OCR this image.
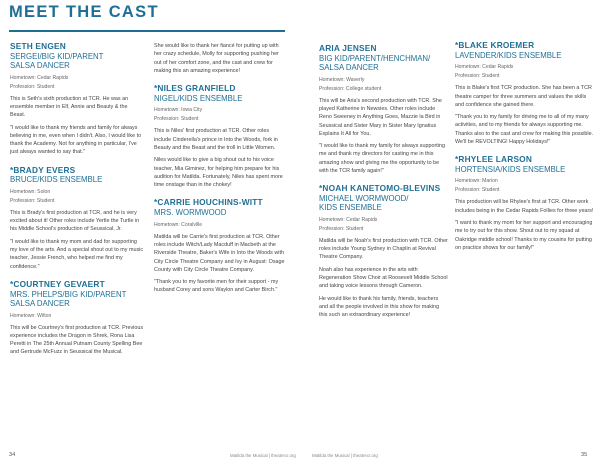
MEET THE CAST
SETH ENGEN
SERGEI/BIG KID/PARENT
SALSA DANCER
Hometown: Cedar Rapids
Profession: Student
This is Seth's sixth production at TCR. He was an ensemble member in Elf, Annie and Beauty & the Beast.
"I would like to thank my friends and family for always believing in me, even when I didn't. Also, I would like to thank the Academy. Not for anything in particular, I've just always wanted to say that."
*BRADY EVERS
BRUCE/KIDS ENSEMBLE
Hometown: Solon
Profession: Student
This is Brady's first production at TCR, and he is very excited about it! Other roles include Yertle the Turtle in his Middle School's production of Seussical, Jr.
"I would like to thank my mom and dad for supporting my love of the arts. And a special shout out to my music teacher, Jessie French, who helped me find my confidence."
*COURTNEY GEVAERT
MRS. PHELPS/BIG KID/PARENT
SALSA DANCER
Hometown: Wilton
This will be Courtney's first production at TCR. Previous experience includes the Dragon in Shrek, Rona Lisa Peretti in The 25th Annual Putnam County Spelling Bee and Gertrude McFuzz in Seussical the Musical.
She would like to thank her fiancé for putting up with her crazy schedule, Molly for supporting pushing her out of her comfort zone, and the cast and crew for making this an amazing experience!
*NILES GRANFIELD
NIGEL/KIDS ENSEMBLE
Hometown: Iowa City
Profession: Student
This is Niles' first production at TCR. Other roles include Cinderella's prince in Into the Woods, fork in Beauty and the Beast and the troll in Little Women.
Niles would like to give a big shout out to his voice teacher, Mia Giminez, for helping him prepare for his audition for Matilda. Fortunately, Niles has spent more time onstage than in the chokey!
*CARRIE HOUCHINS-WITT
MRS. WORMWOOD
Hometown: Coralville
Matilda will be Carrie's first production at TCR. Other roles include Witch/Lady Macduff in Macbeth at the Riverside Theatre, Baker's Wife in Into the Woods with City Circle Theatre Company and Ivy in August: Osage County with City Circle Theatre Company.
"Thank you to my favorite men for their support - my husband Corey and sons Waylon and Carter Birch."
ARIA JENSEN
BIG KID/PARENT/HENCHMAN/
SALSA DANCER
Hometown: Waverly
Profession: College student
This will be Aria's second production with TCR. She played Katherine in Newsies. Other roles include Reno Sweeney in Anything Goes, Mazzie la Bird in Seussical and Sister Mary in Sister Mary Ignatius Explains It All for You.
"I would like to thank my family for always supporting me and thank my directors for casting me in this amazing show and giving me the opportunity to be with the TCR family again!"
*NOAH KANETOMO-BLEVINS
MICHAEL WORMWOOD/
KIDS ENSEMBLE
Hometown: Cedar Rapids
Profession: Student
Matilda will be Noah's first production with TCR. Other roles include Young Sydney in Chaplin at Revival Theatre Company.
Noah also has experience in the arts with Regeneration Show Choir at Roosevelt Middle School and taking voice lessons through Cameron.
He would like to thank his family, friends, teachers and all the people involved in this show for making this such an extraordinary experience!
*BLAKE KROEMER
LAVENDER/KIDS ENSEMBLE
Hometown: Cedar Rapids
Profession: Student
This is Blake's first TCR production. She has been a TCR theatre camper for three summers and values the skills and confidence she gained there.
"Thank you to my family for driving me to all of my many activities, and to my friends for always supporting me. Thanks also to the cast and crew for making this possible. We'll be REVOLTING! Happy Holidays!"
*RHYLEE LARSON
HORTENSIA/KIDS ENSEMBLE
Hometown: Marion
Profession: Student
This production will be Rhylee's first at TCR. Other work includes being in the Cedar Rapids Follies for three years!
"I want to thank my mom for her support and encouraging me to try out for this show. Shout out to my squad at Oakridge middle school! Thanks to my cousins for putting on practice shows for our family!"
34	Matilda the Musical | theatrecr.org	Matilda the Musical | theatrecr.org	35
